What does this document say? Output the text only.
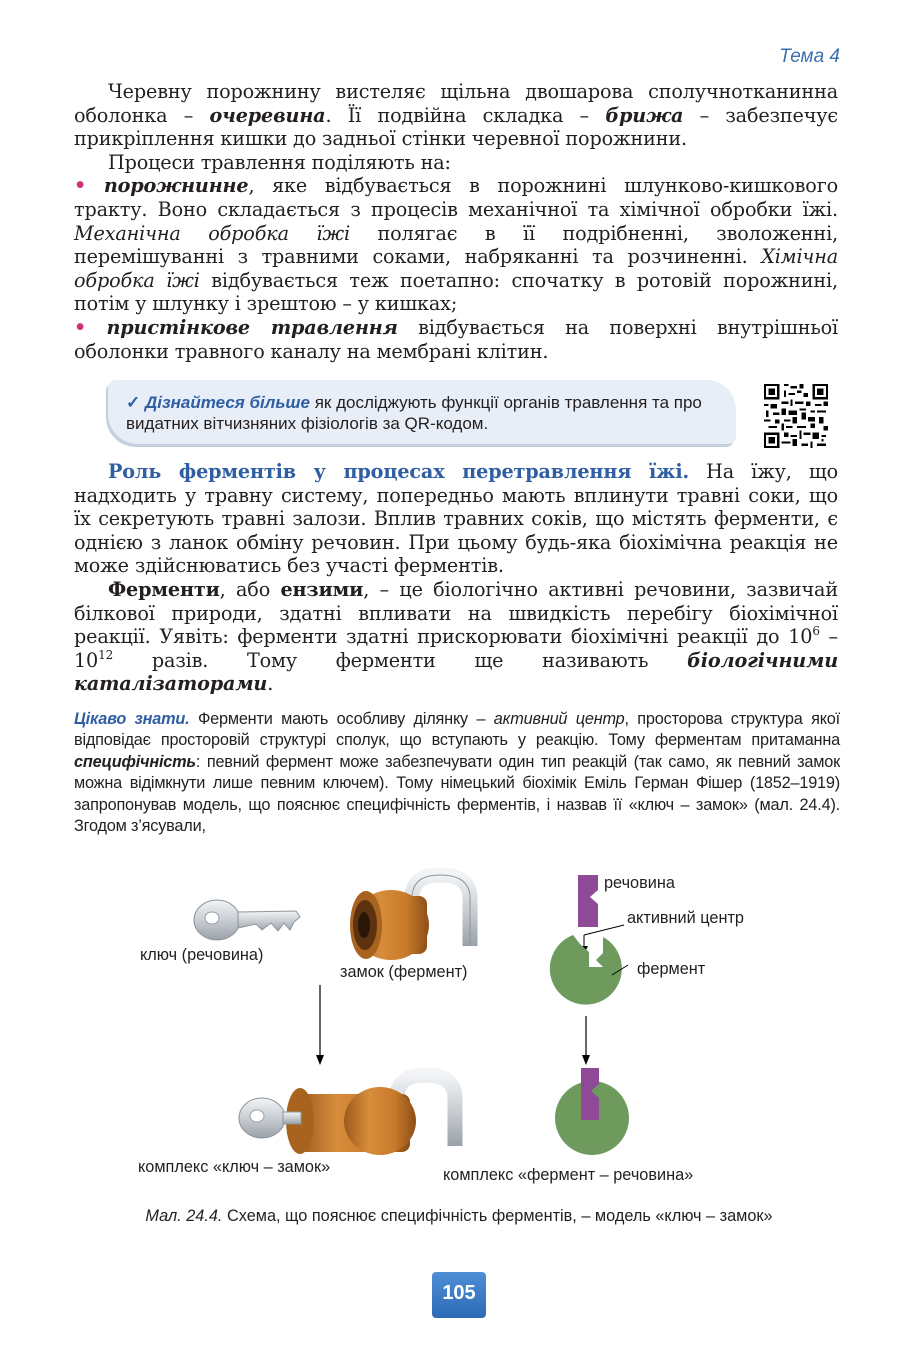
Тема 4

Черевну порожнину вистеляє щільна двошарова сполучнотканинна оболонка – очеревина. Її подвійна складка – брижа – забезпечує прикріплення кишки до задньої стінки черевної порожнини.

Процеси травлення поділяють на:

• порожнинне, яке відбувається в порожнині шлунково-кишкового тракту. Воно складається з процесів механічної та хімічної обробки їжі. Механічна обробка їжі полягає в її подрібненні, зволоженні, перемішуванні з травними соками, набряканні та розчиненні. Хімічна обробка їжі відбувається теж поетапно: спочатку в ротовій порожнині, потім у шлунку і зрештою – у кишках;

• пристінкове травлення відбувається на поверхні внутрішньої оболонки травного каналу на мембрані клітин.

✓ Дізнайтеся більше як досліджують функції органів травлення та про видатних вітчизняних фізіологів за QR-кодом.

Роль ферментів у процесах перетравлення їжі. На їжу, що надходить у травну систему, попередньо мають вплинути травні соки, що їх секретують травні залози. Вплив травних соків, що містять ферменти, є однією з ланок обміну речовин. При цьому будь-яка біохімічна реакція не може здійснюватись без участі ферментів.

Ферменти, або ензими, – це біологічно активні речовини, зазвичай білкової природи, здатні впливати на швидкість перебігу біохімічної реакції. Уявіть: ферменти здатні прискорювати біохімічні реакції до $10^6$ $-10^{12}$ разів. Тому ферменти ще називають біологічними каталізаторами.

Цікаво знати. Ферменти мають особливу ділянку – активний центр, просторова структура якої відповідає просторовій структурі сполук, що вступають у реакцію. Тому ферментам притаманна специфічність: певний фермент може забезпечувати один тип реакцій (так само, як певний замок можна відімкнути лише певним ключем). Тому німецький біохімік Еміль Герман Фішер (1852–1919) запропонував модель, що пояснює специфічність ферментів, і назвав її «ключ – замок» (мал. 24.4). Згодом з’ясували,
ключ (речовина)
замок (фермент)
речовина
активний центр
фермент
комплекс «ключ – замок»	комплекс «фермент – речовина»
Мал. 24.4. Схема, що пояснює специфічність ферментів, – модель «ключ – замок»
105
